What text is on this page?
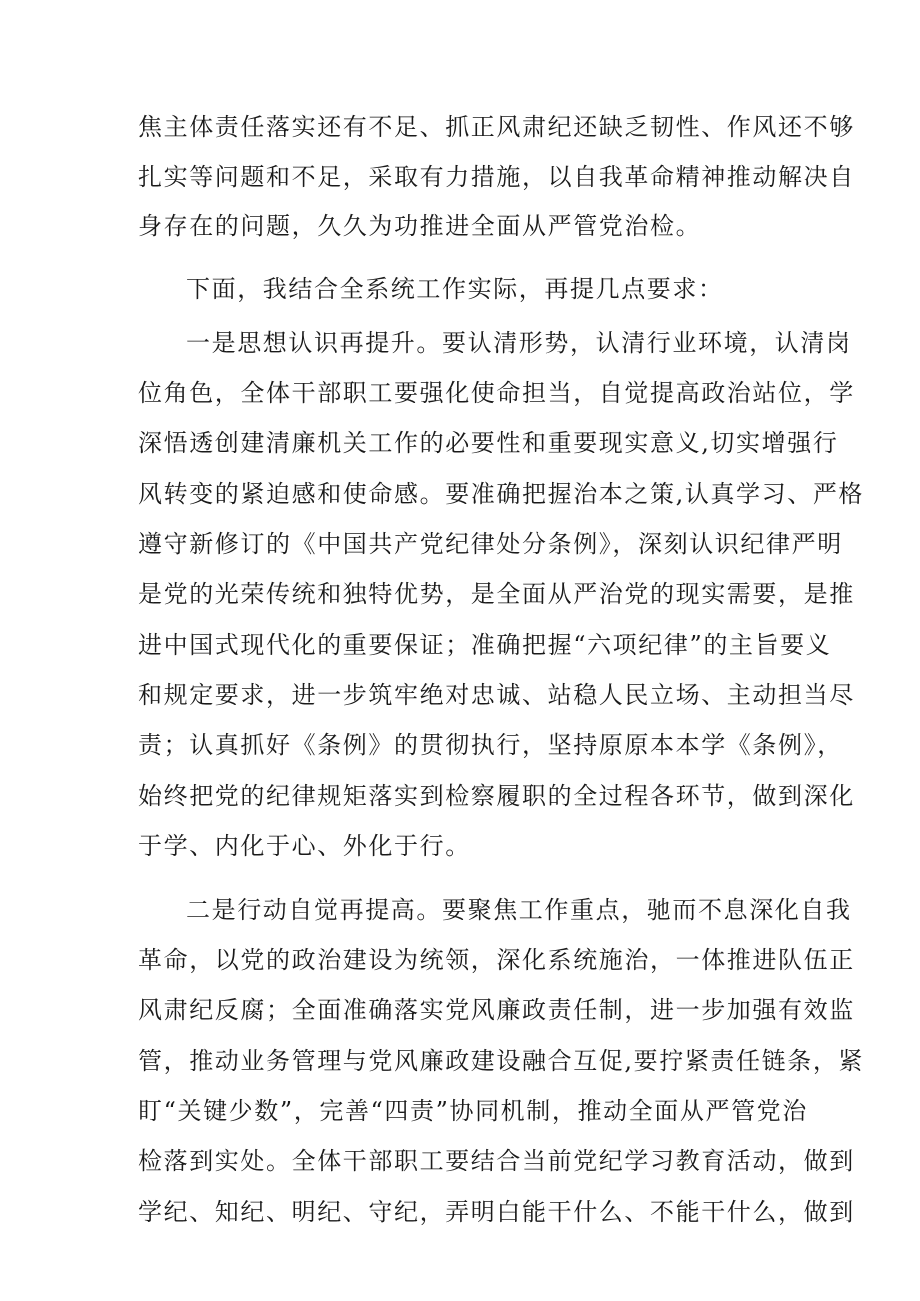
焦主体责任落实还有不足、抓正风肃纪还缺乏韧性、作风还不够
扎实等问题和不足，采取有力措施，以自我革命精神推动解决自
身存在的问题，久久为功推进全面从严管党治检。
下面，我结合全系统工作实际，再提几点要求：
一是思想认识再提升。要认清形势，认清行业环境，认清岗
位角色，全体干部职工要强化使命担当，自觉提高政治站位，学
深悟透创建清廉机关工作的必要性和重要现实意义,切实增强行
风转变的紧迫感和使命感。要准确把握治本之策,认真学习、严格
遵守新修订的《中国共产党纪律处分条例》，深刻认识纪律严明
是党的光荣传统和独特优势，是全面从严治党的现实需要，是推
进中国式现代化的重要保证；准确把握“六项纪律”的主旨要义
和规定要求，进一步筑牢绝对忠诚、站稳人民立场、主动担当尽
责；认真抓好《条例》的贯彻执行，坚持原原本本学《条例》，
始终把党的纪律规矩落实到检察履职的全过程各环节，做到深化
于学、内化于心、外化于行。
二是行动自觉再提高。要聚焦工作重点，驰而不息深化自我
革命，以党的政治建设为统领，深化系统施治，一体推进队伍正
风肃纪反腐；全面准确落实党风廉政责任制，进一步加强有效监
管，推动业务管理与党风廉政建设融合互促,要拧紧责任链条，紧
盯“关键少数”，完善“四责”协同机制，推动全面从严管党治
检落到实处。全体干部职工要结合当前党纪学习教育活动，做到
学纪、知纪、明纪、守纪，弄明白能干什么、不能干什么，做到
